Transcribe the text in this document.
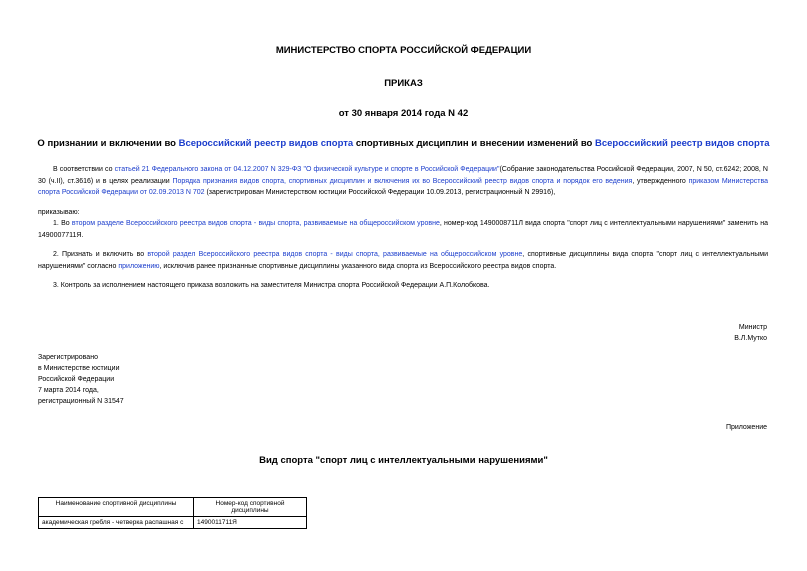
МИНИСТЕРСТВО СПОРТА РОССИЙСКОЙ ФЕДЕРАЦИИ
ПРИКАЗ
от 30 января 2014 года N 42
О признании и включении во Всероссийский реестр видов спорта спортивных дисциплин и внесении изменений во Всероссийский реестр видов спорта
В соответствии со статьей 21 Федерального закона от 04.12.2007 N 329-ФЗ "О физической культуре и спорте в Российской Федерации"(Собрание законодательства Российской Федерации, 2007, N 50, ст.6242; 2008, N 30 (ч.II), ст.3616) и в целях реализации Порядка признания видов спорта, спортивных дисциплин и включения их во Всероссийский реестр видов спорта и порядок его ведения, утвержденного приказом Министерства спорта Российской Федерации от 02.09.2013 N 702 (зарегистрирован Министерством юстиции Российской Федерации 10.09.2013, регистрационный N 29916),
приказываю:
1. Во втором разделе Всероссийского реестра видов спорта - виды спорта, развиваемые на общероссийском уровне, номер-код 1490008711Л вида спорта "спорт лиц с интеллектуальными нарушениями" заменить на 1490007711Я.
2. Признать и включить во второй раздел Всероссийского реестра видов спорта - виды спорта, развиваемые на общероссийском уровне, спортивные дисциплины вида спорта "спорт лиц с интеллектуальными нарушениями" согласно приложению, исключив ранее признанные спортивные дисциплины указанного вида спорта из Всероссийского реестра видов спорта.
3. Контроль за исполнением настоящего приказа возложить на заместителя Министра спорта Российской Федерации А.П.Колобкова.
Министр
В.Л.Мутко
Зарегистрировано
в Министерстве юстиции
Российской Федерации
7 марта 2014 года,
регистрационный N 31547
Приложение
Вид спорта "спорт лиц с интеллектуальными нарушениями"
Наименование спортивной дисциплины	Номер-код спортивной дисциплины
академическая гребля - четверка распашная с	1490011711Я
